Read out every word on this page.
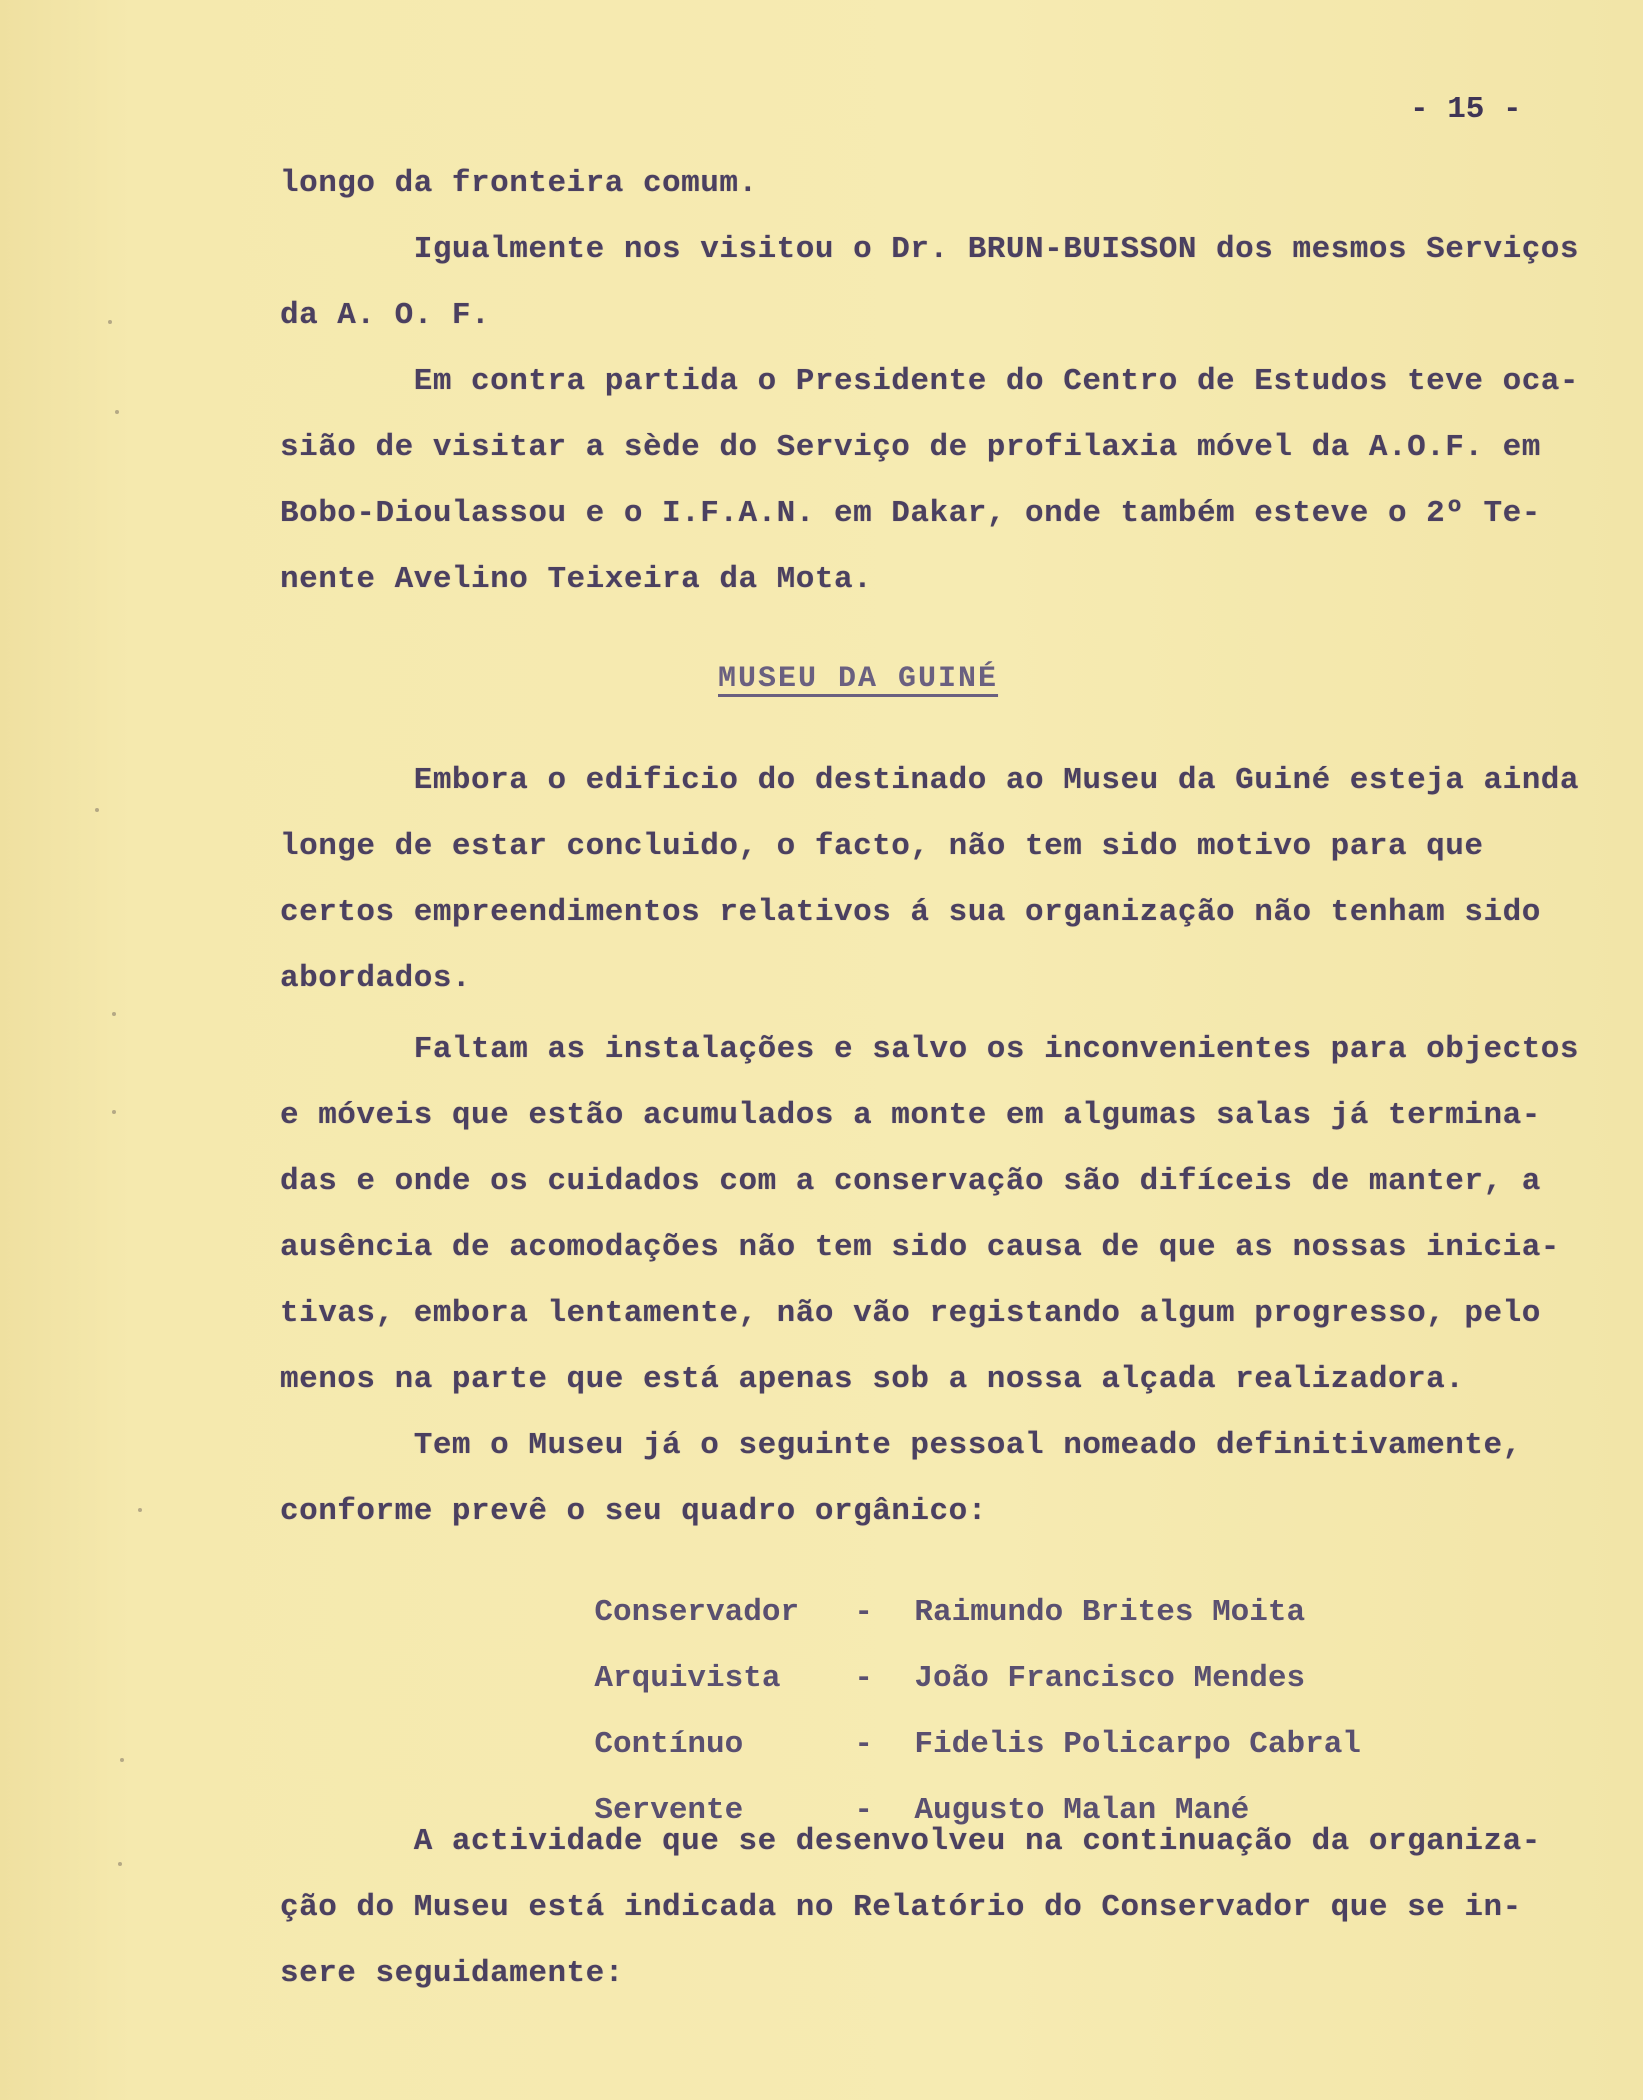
- 15 -
longo da fronteira comum.
Igualmente nos visitou o Dr. BRUN-BUISSON dos mesmos Serviços
da A. O. F.
Em contra partida o Presidente do Centro de Estudos teve oca-
sião de visitar a sède do Serviço de profilaxia móvel da A.O.F. em
Bobo-Dioulassou e o I.F.A.N. em Dakar, onde também esteve o 2º Te-
nente Avelino Teixeira da Mota.
MUSEU DA GUINÉ
Embora o edificio do destinado ao Museu da Guiné esteja ainda
longe de estar concluido, o facto, não tem sido motivo para que
certos empreendimentos relativos á sua organização não tenham sido
abordados.
Faltam as instalações e salvo os inconvenientes para objectos
e móveis que estão acumulados a monte em algumas salas já termina-
das e onde os cuidados com a conservação são difíceis de manter, a
ausência de acomodações não tem sido causa de que as nossas inicia-
tivas, embora lentamente, não vão registando algum progresso, pelo
menos na parte que está apenas sob a nossa alçada realizadora.
Tem o Museu já o seguinte pessoal nomeado definitivamente,
conforme prevê o seu quadro orgânico:

Conservador - Raimundo Brites Moita

Arquivista - João Francisco Mendes

Contínuo	- Fidelis Policarpo Cabral

Servente	- Augusto Malan Mané

A actividade que se desenvolveu na continuação da organiza-
ção do Museu está indicada no Relatório do Conservador que se in-
sere seguidamente:
